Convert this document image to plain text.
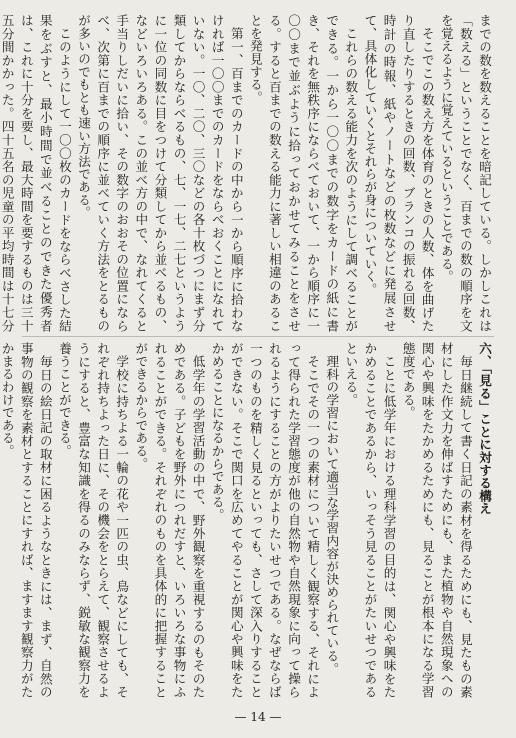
までの数を数えることを暗記している。しかしこれは「数える」ということでなく、百までの数の順序を文を覚えるように覚えているということである。

そこでこの数え方を体育のときの人数、体を曲げたり直したりするときの回数、ブランコの振れる回数、時計の時報、紙やノートなどの枚数などに発展させて、具体化していくとそれらが身についていく。

これらの数える能力を次のようにして調べることができる。一から一〇〇までの数字をカードの紙に書き、それを無秩序にならべておいて、一から順序に一〇〇まで並ぶように拾っておかせてみることをさせる。すると百までの数える能力に著しい相違のあることを発見する。

第一、百までのカードの中から一から順序に拾わなければ一〇〇までのカードをならべおくことになれていない。一〇、二〇、三〇などの各十枚づつにまず分類してからならべるもの、七、一七、二七というように一位の同数に目をつけて分類してから並べるもの、などいろいろある。この並べ方の中で、なれてくると手当りしだいに拾い、その数字のおおその位置にならべ、次第に百までの順序に並べていく方法をとるものが多いのでもとも速い方法である。

このようにして一〇〇枚のカードをならべさした結果をぶすと、最小時間で並べることのできた優秀者は、これに十分を要し、最大時間を要するものは三十五分間かかった。四十五名の児童の平均時間は十七分

六、「見る」ことに対する構え

毎日継続して書く日記の素材を得るためにも、見たもの素材にした作文力を伸ばすためにも、また植物や自然現象への関心や興味をたかめるためにも、見ることが根本になる学習態度である。

ことに低学年における理科学習の目的は、関心や興味をたかめることであるから、いっそう見ることがたいせつであるといえる。

理科の学習において適当な学習内容が決められている。

そこでその一つの素材について精しく観察する、それによって得られた学習態度が他の自然物や自然現象に向って操られるようにすることの方がよりたいせつである。なぜならば一つのものを精しく見るといっても、さして深入りすることができない。そこで関口を広めてやることが関心や興味をたかめることになるからである。

低学年の学習活動の中で、野外観察を重視するのもそのためである。子どもを野外につれだすと、いろいろな事物にふれることができる。それぞれのものを具体的に把握することができるからである。

学校に持ちよる一輪の花や一匹の虫、鳥などにしても、それぞれ持ちよった日に、その機会をとらえて、観察させるようにすると、豊富な知識を得るのみならず、鋭敏な観察力を養うことができる。

毎日の絵日記の取材に困るようなときには、まず、自然の事物の観察を素材とすることにすれば、ますます観察力がたかまるわけである。

— 14 —
